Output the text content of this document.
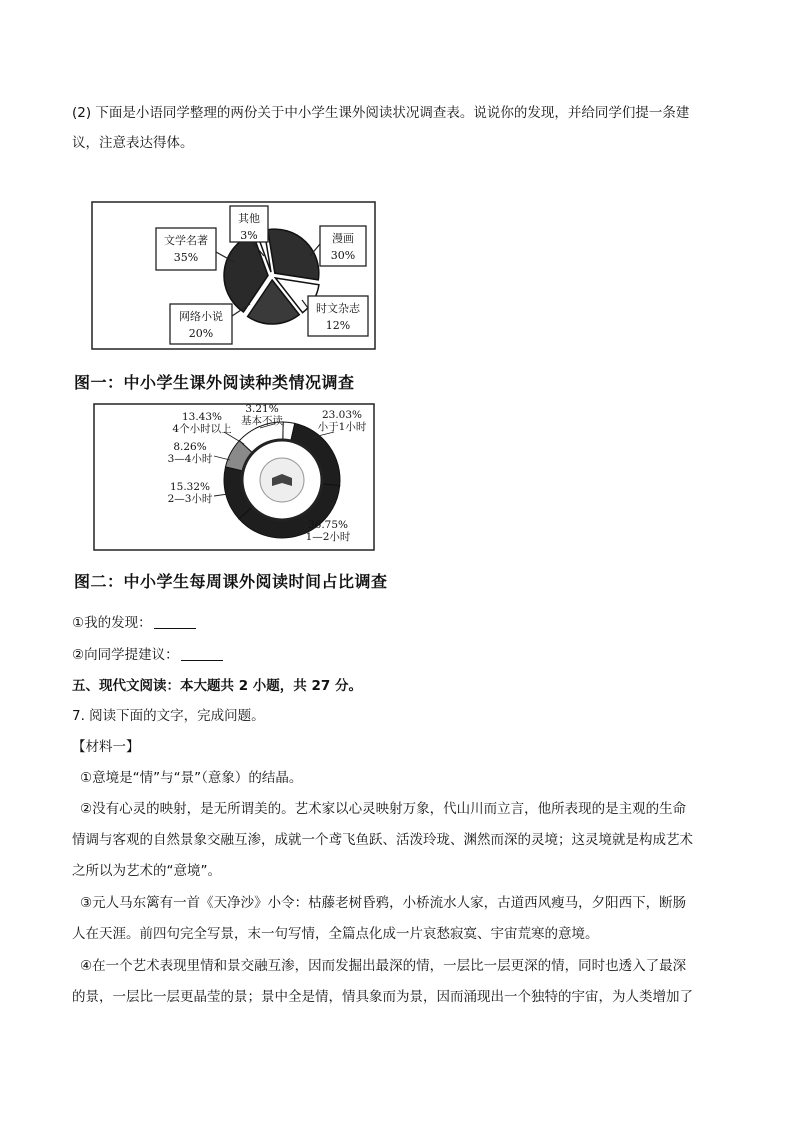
(2) 下面是小语同学整理的两份关于中小学生课外阅读状况调查表。说说你的发现，并给同学们提一条建
议，注意表达得体。
文学名著
35%
其他
3%	漫画
30%
时文杂志
12%
网络小说
20%
3.21%
基本不读	23.03%
小于1小时
36.75%
1—2小时
15.32%
2—3小时
8.26%
3—4小时
13.43%
4个小时以上
图一：中小学生课外阅读种类情况调查
图二：中小学生每周课外阅读时间占比调查
①我的发现：
②向同学提建议：
五、现代文阅读：本大题共 2 小题，共 27 分。
7. 阅读下面的文字，完成问题。
【材料一】
①意境是“情”与“景”（意象）的结晶。
②没有心灵的映射，是无所谓美的。艺术家以心灵映射万象，代山川而立言，他所表现的是主观的生命
情调与客观的自然景象交融互渗，成就一个鸢飞鱼跃、活泼玲珑、渊然而深的灵境；这灵境就是构成艺术
之所以为艺术的“意境”。
③元人马东篱有一首《天净沙》小令：枯藤老树昏鸦，小桥流水人家，古道西风瘦马，夕阳西下，断肠
人在天涯。前四句完全写景，末一句写情，全篇点化成一片哀愁寂寞、宇宙荒寒的意境。
④在一个艺术表现里情和景交融互渗，因而发掘出最深的情，一层比一层更深的情，同时也透入了最深
的景，一层比一层更晶莹的景；景中全是情，情具象而为景，因而涌现出一个独特的宇宙，为人类增加了
